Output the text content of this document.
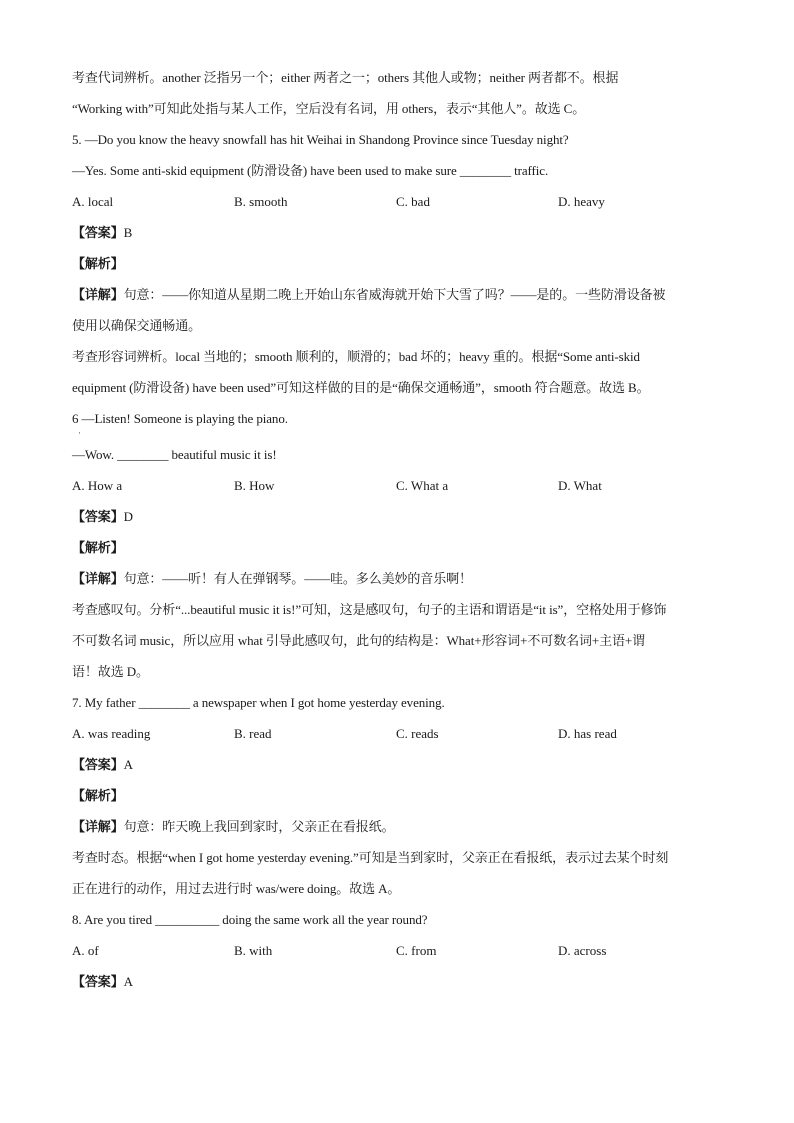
考查代词辨析。another 泛指另一个；either 两者之一；others 其他人或物；neither 两者都不。根据
“Working with”可知此处指与某人工作，空后没有名词，用 others，表示“其他人”。故选 C。
5. —Do you know the heavy snowfall has hit Weihai in Shandong Province since Tuesday night?
—Yes. Some anti-skid equipment (防滑设备) have been used to make sure ________ traffic.
A. local	B. smooth	C. bad	D. heavy
【答案】B
【解析】
【详解】句意：——你知道从星期二晚上开始山东省威海就开始下大雪了吗？——是的。一些防滑设备被
使用以确保交通畅通。
考查形容词辨析。local 当地的；smooth 顺利的，顺滑的；bad 坏的；heavy 重的。根据“Some anti-skid
equipment (防滑设备) have been used”可知这样做的目的是“确保交通畅通”，smooth 符合题意。故选 B。
6 —Listen! Someone is playing the piano.
·
—Wow. ________ beautiful music it is!
A. How a	B. How	C. What a	D. What
【答案】D
【解析】
【详解】句意：——听！有人在弹钢琴。——哇。多么美妙的音乐啊！
考查感叹句。分析“...beautiful music it is!”可知，这是感叹句，句子的主语和谓语是“it is”，空格处用于修饰
不可数名词 music，所以应用 what 引导此感叹句，此句的结构是：What+形容词+不可数名词+主语+谓
语！故选 D。
7. My father ________ a newspaper when I got home yesterday evening.
A. was reading	B. read	C. reads	D. has read
【答案】A
【解析】
【详解】句意：昨天晚上我回到家时，父亲正在看报纸。
考查时态。根据“when I got home yesterday evening.”可知是当到家时，父亲正在看报纸，表示过去某个时刻
正在进行的动作，用过去进行时 was/were doing。故选 A。
8. Are you tired __________ doing the same work all the year round?
A. of	B. with	C. from	D. across
【答案】A
